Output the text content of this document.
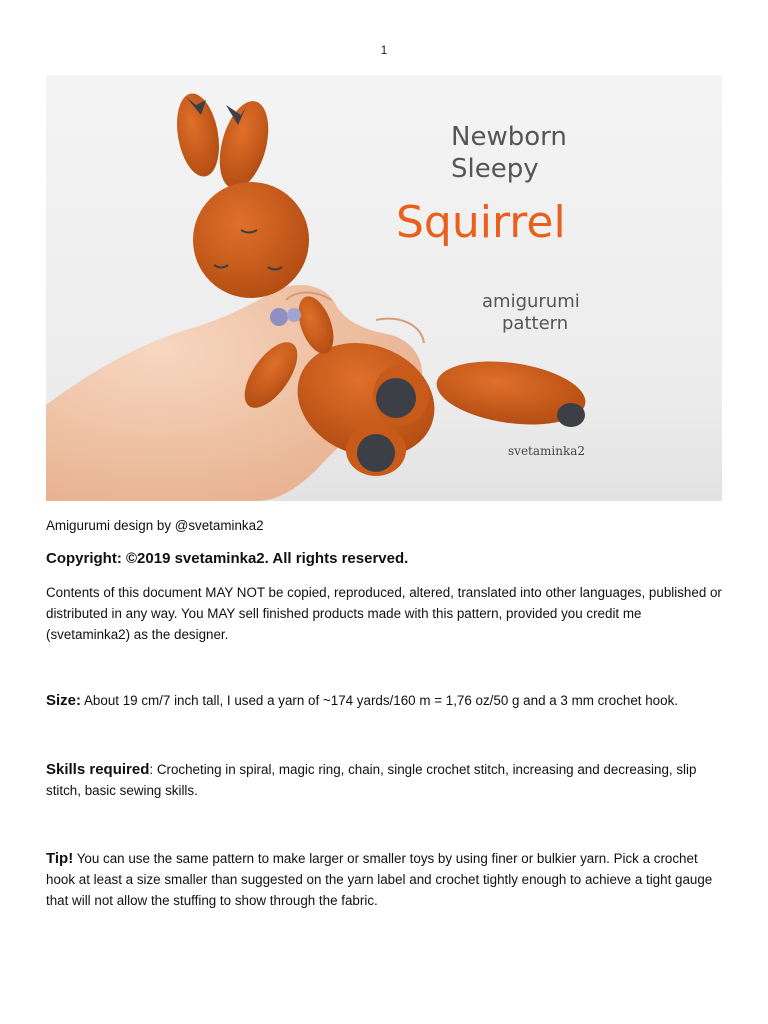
1
Newborn
Sleepy
Squirrel
amigurumi
pattern
svetaminka2
Amigurumi design by @svetaminka2
Copyright: ©2019 svetaminka2. All rights reserved.
Contents of this document MAY NOT be copied, reproduced, altered, translated into other languages, published or distributed in any way. You MAY sell finished products made with this pattern, provided you credit me (svetaminka2) as the designer.
Size: About 19 cm/7 inch tall, I used a yarn of ~174 yards/160 m = 1,76 oz/50 g and a 3 mm crochet hook.
Skills required: Crocheting in spiral, magic ring, chain, single crochet stitch, increasing and decreasing, slip stitch, basic sewing skills.
Tip! You can use the same pattern to make larger or smaller toys by using finer or bulkier yarn. Pick a crochet hook at least a size smaller than suggested on the yarn label and crochet tightly enough to achieve a tight gauge that will not allow the stuffing to show through the fabric.
